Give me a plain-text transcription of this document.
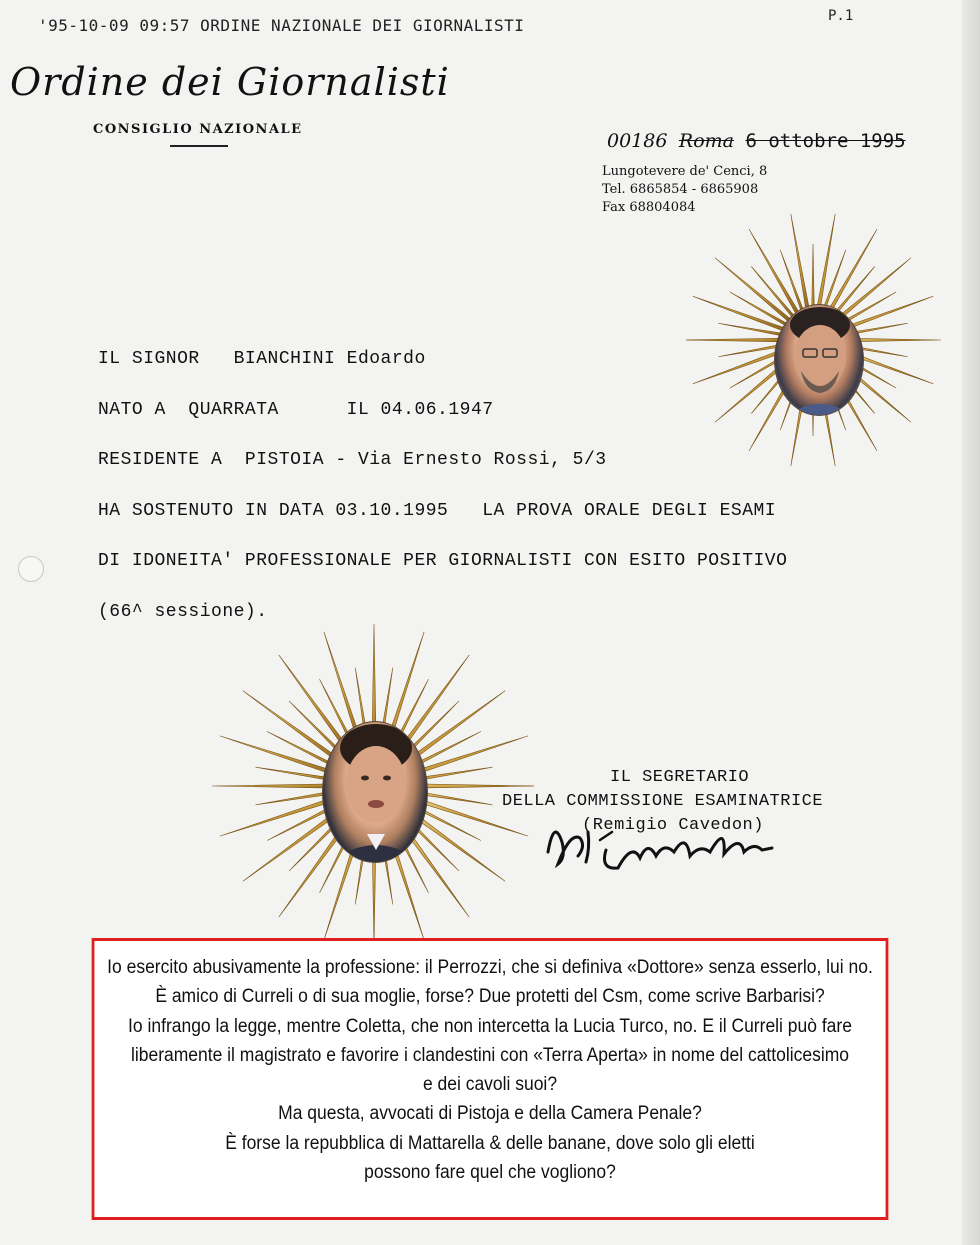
'95-10-09 09:57 ORDINE NAZIONALE DEI GIORNALISTI	P.1
Ordine dei Giornalisti
CONSIGLIO NAZIONALE
00186 Roma 6 ottobre 1995
Lungotevere de' Cenci, 8
Tel. 6865854 - 6865908
Fax 68804084
IL SIGNOR   BIANCHINI Edoardo
NATO A  QUARRATA      IL 04.06.1947
RESIDENTE A  PISTOIA - Via Ernesto Rossi, 5/3
HA SOSTENUTO IN DATA 03.10.1995   LA PROVA ORALE DEGLI ESAMI
DI IDONEITA' PROFESSIONALE PER GIORNALISTI CON ESITO POSITIVO
(66^ sessione).
IL SEGRETARIO
DELLA COMMISSIONE ESAMINATRICE
(Remigio Cavedon)

Io esercito abusivamente la professione: il Perrozzi, che si definiva «Dottore» senza esserlo, lui no.

È amico di Curreli o di sua moglie, forse? Due protetti del Csm, come scrive Barbarisi?

Io infrango la legge, mentre Coletta, che non intercetta la Lucia Turco, no. E il Curreli può fare

liberamente il magistrato e favorire i clandestini con «Terra Aperta» in nome del cattolicesimo

e dei cavoli suoi?

Ma questa, avvocati di Pistoja e della Camera Penale?

È forse la repubblica di Mattarella & delle banane, dove solo gli eletti

possono fare quel che vogliono?
